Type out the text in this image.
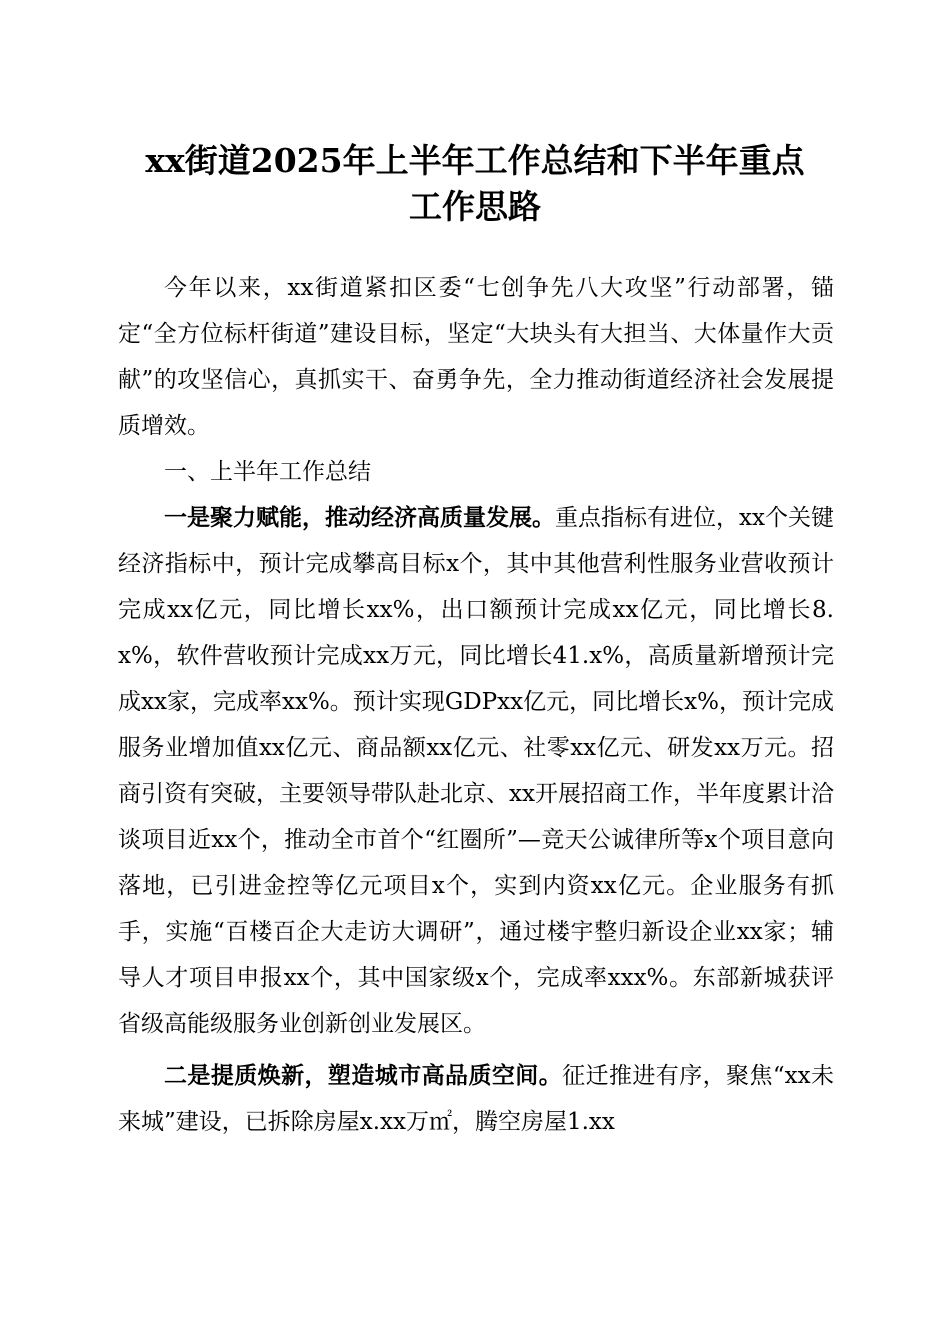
xx街道2025年上半年工作总结和下半年重点
工作思路

今年以来，xx街道紧扣区委“七创争先八大攻坚”行动部署，锚定“全方位标杆街道”建设目标，坚定“大块头有大担当、大体量作大贡献”的攻坚信心，真抓实干、奋勇争先，全力推动街道经济社会发展提质增效。

一、上半年工作总结

一是聚力赋能，推动经济高质量发展。重点指标有进位，xx个关键经济指标中，预计完成攀高目标x个，其中其他营利性服务业营收预计完成xx亿元，同比增长xx%，出口额预计完成xx亿元，同比增长8.x%，软件营收预计完成xx万元，同比增长41.x%，高质量新增预计完成xx家，完成率xx%。预计实现GDPxx亿元，同比增长x%，预计完成服务业增加值xx亿元、商品额xx亿元、社零xx亿元、研发xx万元。招商引资有突破，主要领导带队赴北京、xx开展招商工作，半年度累计洽谈项目近xx个，推动全市首个“红圈所”—竞天公诚律所等x个项目意向落地，已引进金控等亿元项目x个，实到内资xx亿元。企业服务有抓手，实施“百楼百企大走访大调研”，通过楼宇整归新设企业xx家；辅导人才项目申报xx个，其中国家级x个，完成率xxx%。东部新城获评省级高能级服务业创新创业发展区。

二是提质焕新，塑造城市高品质空间。征迁推进有序，聚焦“xx未来城”建设，已拆除房屋x.xx万㎡，腾空房屋1.xx
